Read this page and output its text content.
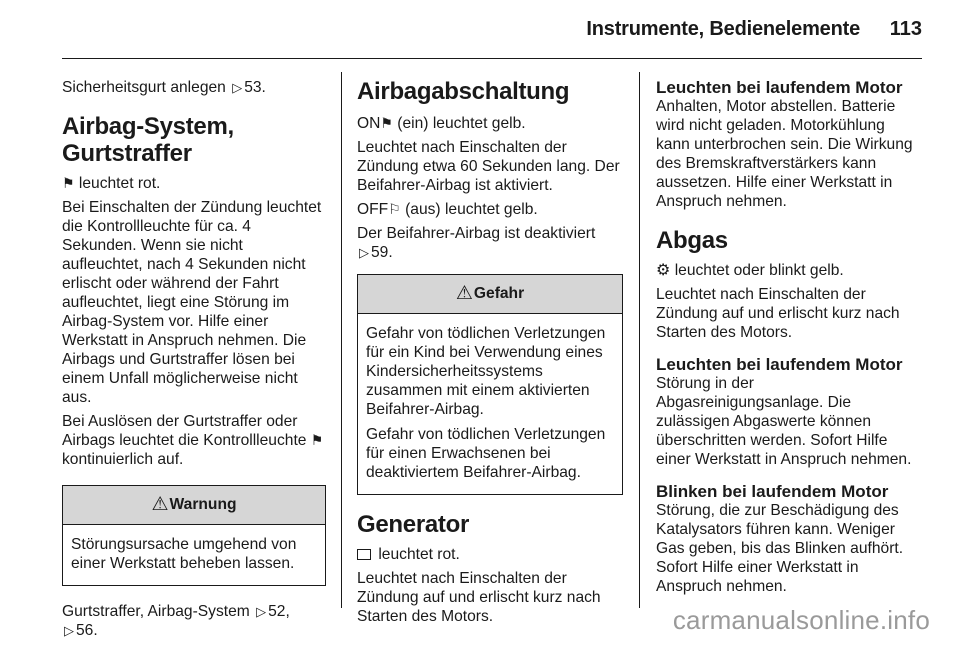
Instrumente, Bedienelemente 113

Sicherheitsgurt anlegen ▷ 53.

Airbag-System, Gurtstraffer

⚑ leuchtet rot.

Bei Einschalten der Zündung leuchtet die Kontrollleuchte für ca. 4 Sekunden. Wenn sie nicht aufleuchtet, nach 4 Sekunden nicht erlischt oder während der Fahrt aufleuchtet, liegt eine Störung im Airbag-System vor. Hilfe einer Werkstatt in Anspruch nehmen. Die Airbags und Gurtstraffer lösen bei einem Unfall möglicherweise nicht aus.

Bei Auslösen der Gurtstraffer oder Airbags leuchtet die Kontrollleuchte ⚑ kontinuierlich auf.

⚠Warnung

Störungsursache umgehend von einer Werkstatt beheben lassen.

Gurtstraffer, Airbag-System ▷ 52,
▷ 56.

Airbagabschaltung

ON⚑ (ein) leuchtet gelb.

Leuchtet nach Einschalten der Zündung etwa 60 Sekunden lang. Der Beifahrer-Airbag ist aktiviert.

OFF⚐ (aus) leuchtet gelb.

Der Beifahrer-Airbag ist deaktiviert
▷ 59.

⚠Gefahr

Gefahr von tödlichen Verletzungen für ein Kind bei Verwendung eines Kindersicherheitssystems zusammen mit einem aktivierten Beifahrer-Airbag.

Gefahr von tödlichen Verletzungen für einen Erwachsenen bei deaktiviertem Beifahrer-Airbag.

Generator

leuchtet rot.

Leuchtet nach Einschalten der Zündung auf und erlischt kurz nach Starten des Motors.

Leuchten bei laufendem Motor

Anhalten, Motor abstellen. Batterie wird nicht geladen. Motorkühlung kann unterbrochen sein. Die Wirkung des Bremskraftverstärkers kann aussetzen. Hilfe einer Werkstatt in Anspruch nehmen.

Abgas

⚙ leuchtet oder blinkt gelb.

Leuchtet nach Einschalten der Zündung auf und erlischt kurz nach Starten des Motors.

Leuchten bei laufendem Motor

Störung in der Abgasreinigungsanlage. Die zulässigen Abgaswerte können überschritten werden. Sofort Hilfe einer Werkstatt in Anspruch nehmen.

Blinken bei laufendem Motor

Störung, die zur Beschädigung des Katalysators führen kann. Weniger Gas geben, bis das Blinken aufhört. Sofort Hilfe einer Werkstatt in Anspruch nehmen.

carmanualsonline.info
